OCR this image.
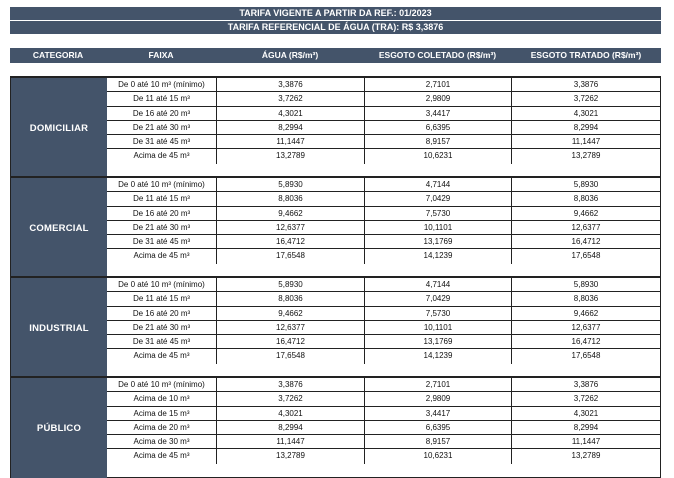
TARIFA VIGENTE A PARTIR DA REF.: 01/2023
TARIFA REFERENCIAL DE ÁGUA (TRA): R$ 3,3876
CATEGORIA	FAIXA	ÁGUA (R$/m³)	ESGOTO COLETADO (R$/m³)	ESGOTO TRATADO (R$/m³)
DOMICILIAR
De 0 até 10 m³ (mínimo)	3,3876	2,7101	3,3876
De 11 até 15 m³	3,7262	2,9809	3,7262
De 16 até 20 m³	4,3021	3,4417	4,3021
De 21 até 30 m³	8,2994	6,6395	8,2994
De 31 até 45 m³	11,1447	8,9157	11,1447
Acima de 45 m³	13,2789	10,6231	13,2789
COMERCIAL
De 0 até 10 m³ (mínimo)	5,8930	4,7144	5,8930
De 11 até 15 m³	8,8036	7,0429	8,8036
De 16 até 20 m³	9,4662	7,5730	9,4662
De 21 até 30 m³	12,6377	10,1101	12,6377
De 31 até 45 m³	16,4712	13,1769	16,4712
Acima de 45 m³	17,6548	14,1239	17,6548
INDUSTRIAL
De 0 até 10 m³ (mínimo)	5,8930	4,7144	5,8930
De 11 até 15 m³	8,8036	7,0429	8,8036
De 16 até 20 m³	9,4662	7,5730	9,4662
De 21 até 30 m³	12,6377	10,1101	12,6377
De 31 até 45 m³	16,4712	13,1769	16,4712
Acima de 45 m³	17,6548	14,1239	17,6548
PÚBLICO
De 0 até 10 m³ (mínimo)	3,3876	2,7101	3,3876
Acima de 10 m³	3,7262	2,9809	3,7262
Acima de 15 m³	4,3021	3,4417	4,3021
Acima de 20 m³	8,2994	6,6395	8,2994
Acima de 30 m³	11,1447	8,9157	11,1447
Acima de 45 m³	13,2789	10,6231	13,2789
